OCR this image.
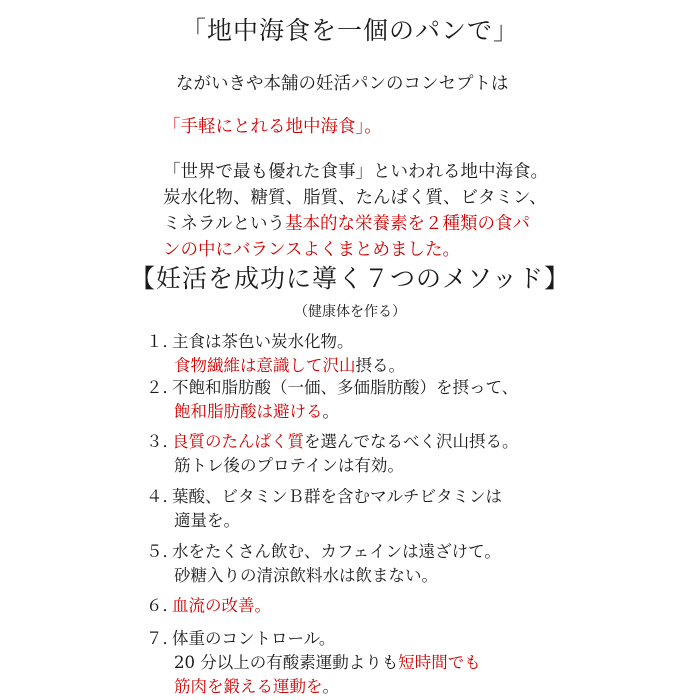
「地中海食を一個のパンで」
ながいきや本舗の妊活パンのコンセプトは
「手軽にとれる地中海食」。
「世界で最も優れた食事」といわれる地中海食。
炭水化物、糖質、脂質、たんぱく質、ビタミン、
ミネラルという基本的な栄養素を２種類の食パ
ンの中にバランスよくまとめました。
【妊活を成功に導く７つのメソッド】
（健康体を作る）
１．
主食は茶色い炭水化物。
食物繊維は意識して沢山摂る。
２．
不飽和脂肪酸（一価、多価脂肪酸）を摂って、
飽和脂肪酸は避ける。
３．
良質のたんぱく質を選んでなるべく沢山摂る。
筋トレ後のプロテインは有効。
４．
葉酸、ビタミンＢ群を含むマルチビタミンは
適量を。
５．
水をたくさん飲む、カフェインは遠ざけて。
砂糖入りの清涼飲料水は飲まない。
６．
血流の改善。
７．
体重のコントロール。
20 分以上の有酸素運動よりも短時間でも
筋肉を鍛える運動を。
